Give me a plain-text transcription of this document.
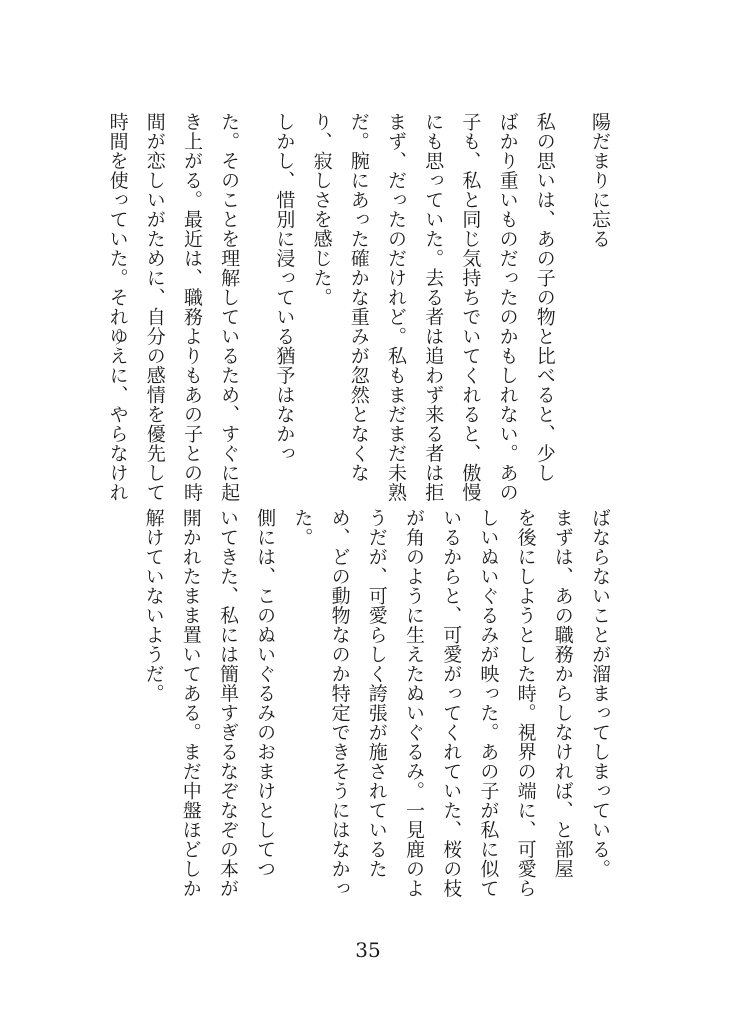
陽だまりに忘る
私の思いは、あの子の物と比べると、少し
ばかり重いものだったのかもしれない。あの
子も、私と同じ気持ちでいてくれると、傲慢
にも思っていた。去る者は追わず来る者は拒
まず、だったのだけれど。私もまだまだ未熟
だ。腕にあった確かな重みが忽然となくな
り、寂しさを感じた。
しかし、惜別に浸っている猶予はなかっ
た。そのことを理解しているため、すぐに起
き上がる。最近は、職務よりもあの子との時
間が恋しいがために、自分の感情を優先して
時間を使っていた。それゆえに、やらなけれ
ばならないことが溜まってしまっている。
まずは、あの職務からしなければ、と部屋
を後にしようとした時。視界の端に、可愛ら
しいぬいぐるみが映った。あの子が私に似て
いるからと、可愛がってくれていた、桜の枝
が角のように生えたぬいぐるみ。一見鹿のよ
うだが、可愛らしく誇張が施されているた
め、どの動物なのか特定できそうにはなかっ
た。
側には、このぬいぐるみのおまけとしてつ
いてきた、私には簡単すぎるなぞなぞの本が
開かれたまま置いてある。まだ中盤ほどしか
解けていないようだ。
35
